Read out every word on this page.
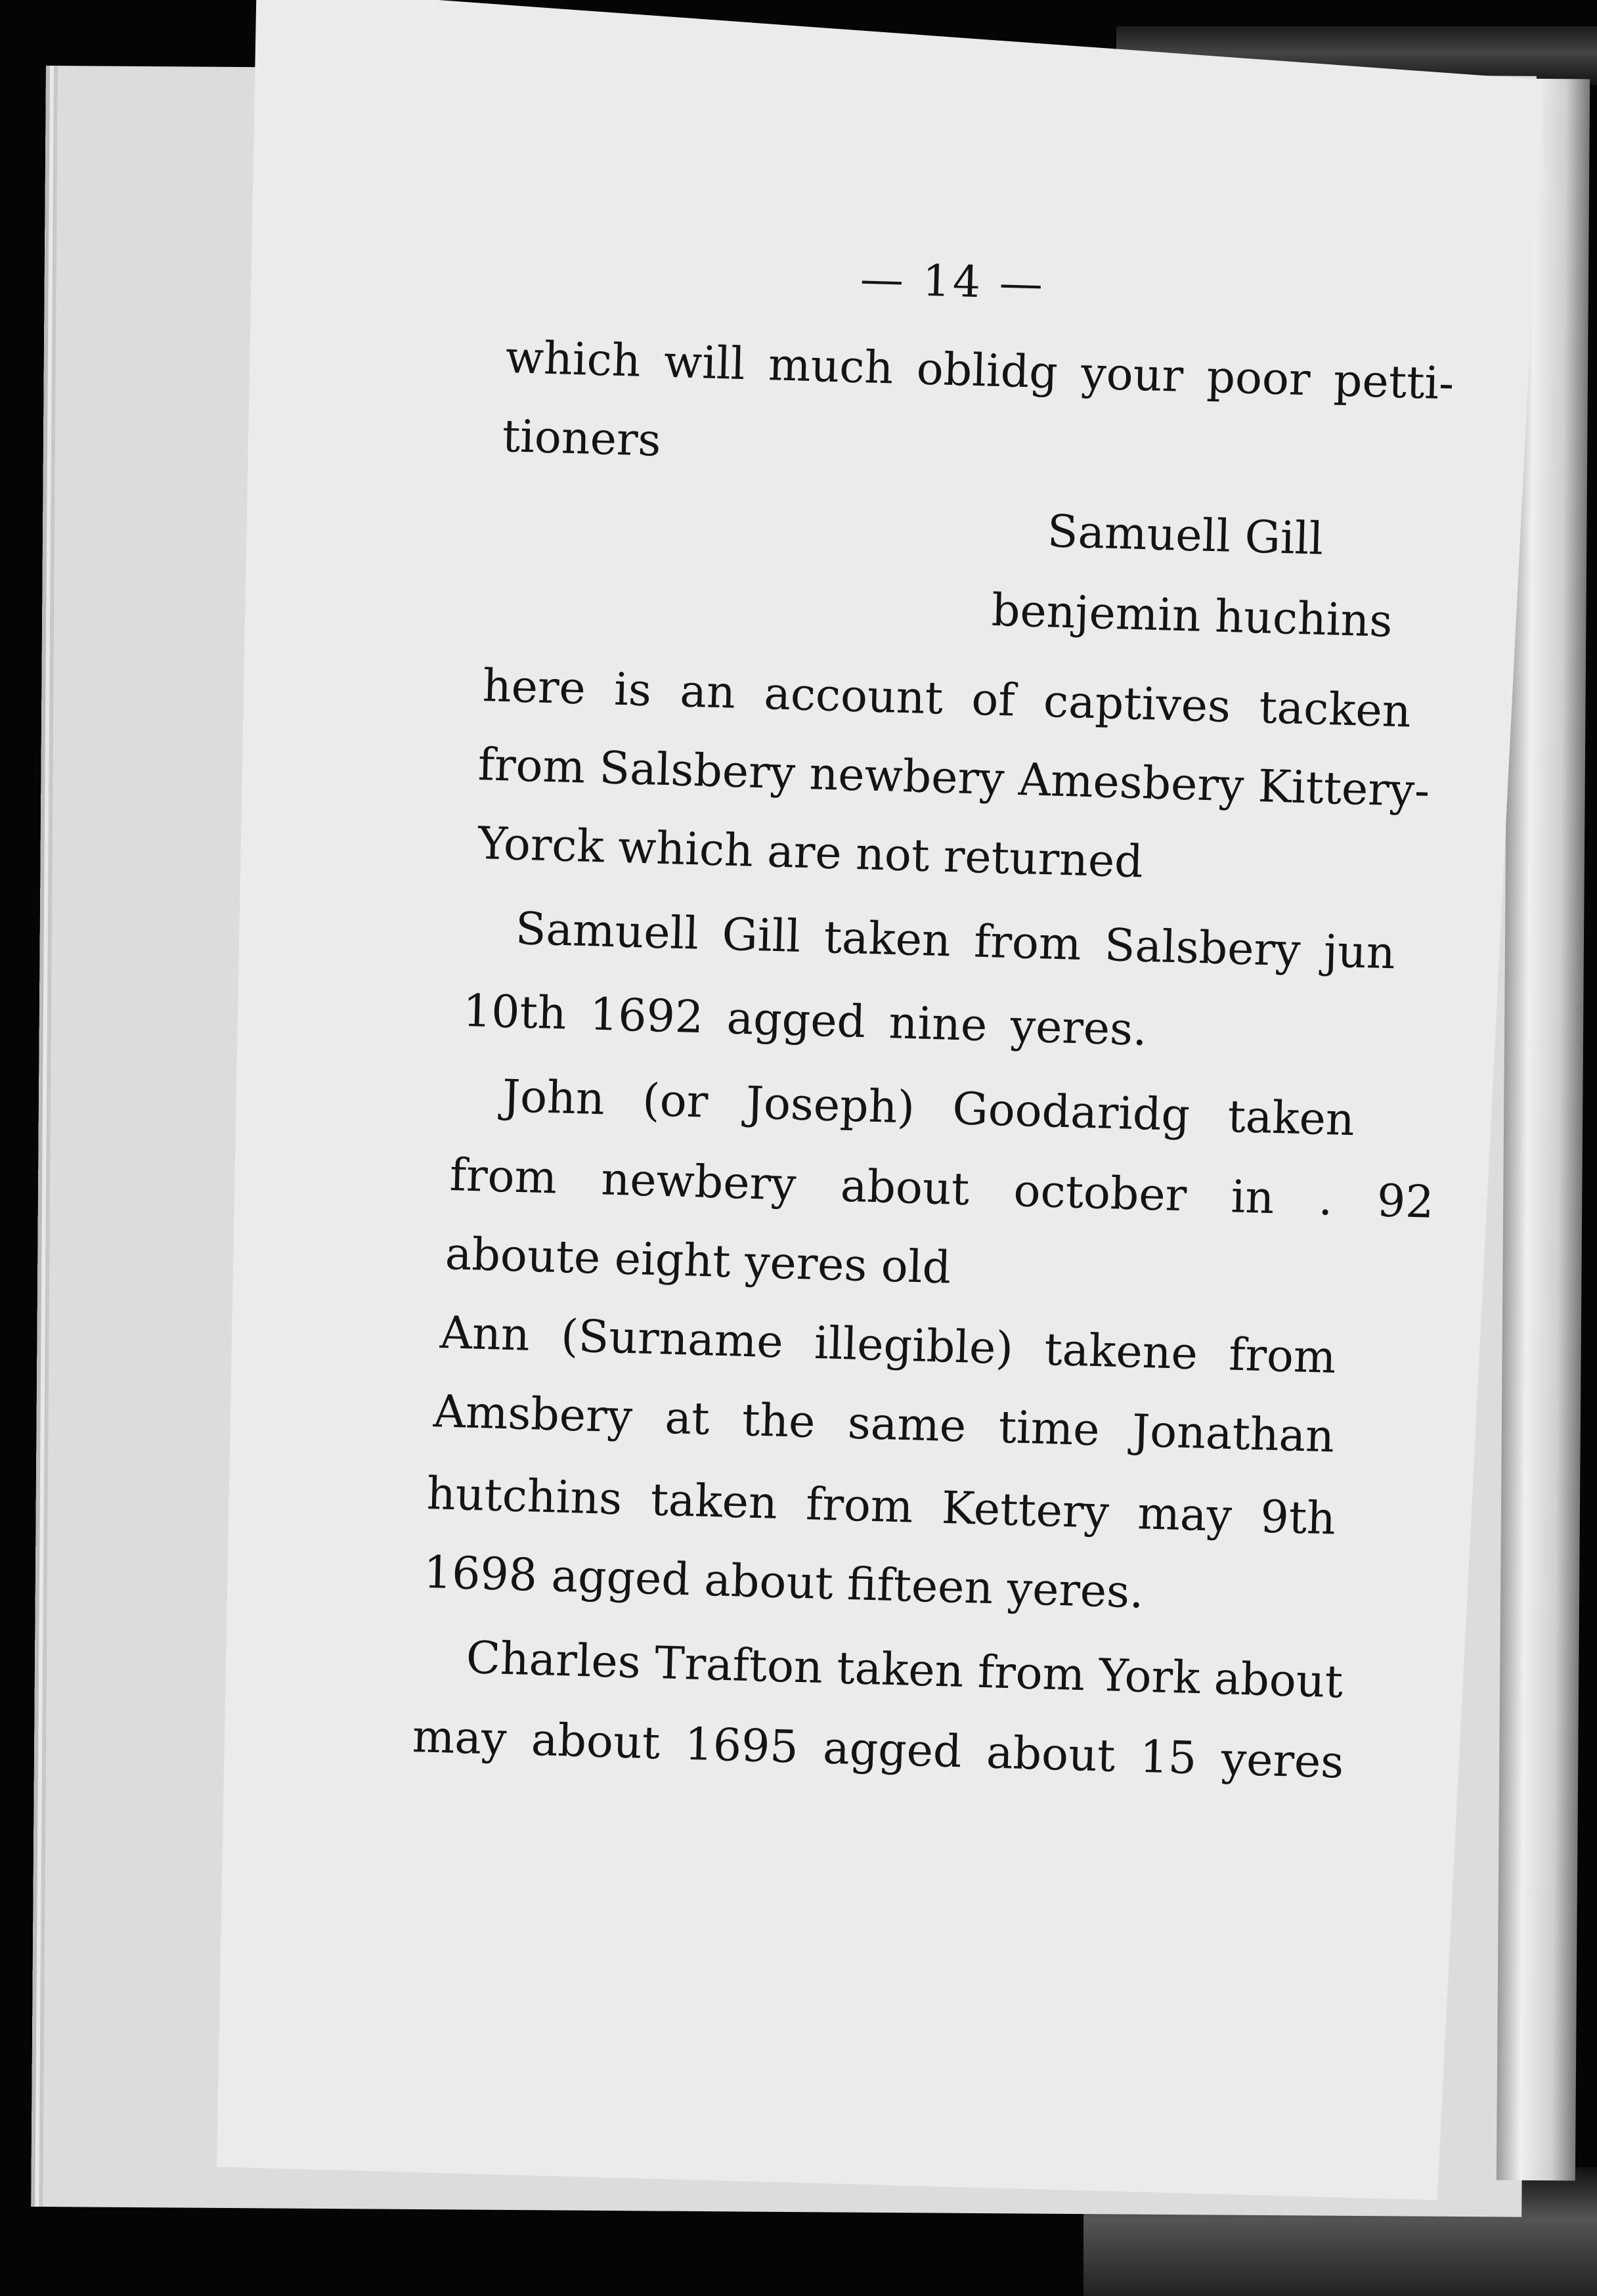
— 14 —
which will much oblidg your poor petti-
tioners
Samuell Gill
benjemin huchins
here is an account of captives tacken
from Salsbery newbery Amesbery Kittery-
Yorck which are not returned
Samuell Gill taken from Salsbery jun
10th 1692 agged nine yeres.
John (or Joseph) Goodaridg taken
from newbery about october in . 92
aboute eight yeres old
Ann (Surname illegible) takene from
Amsbery at the same time Jonathan
hutchins taken from Kettery may 9th
1698 agged about fifteen yeres.
Charles Trafton taken from York about
may about 1695 agged about 15 yeres
